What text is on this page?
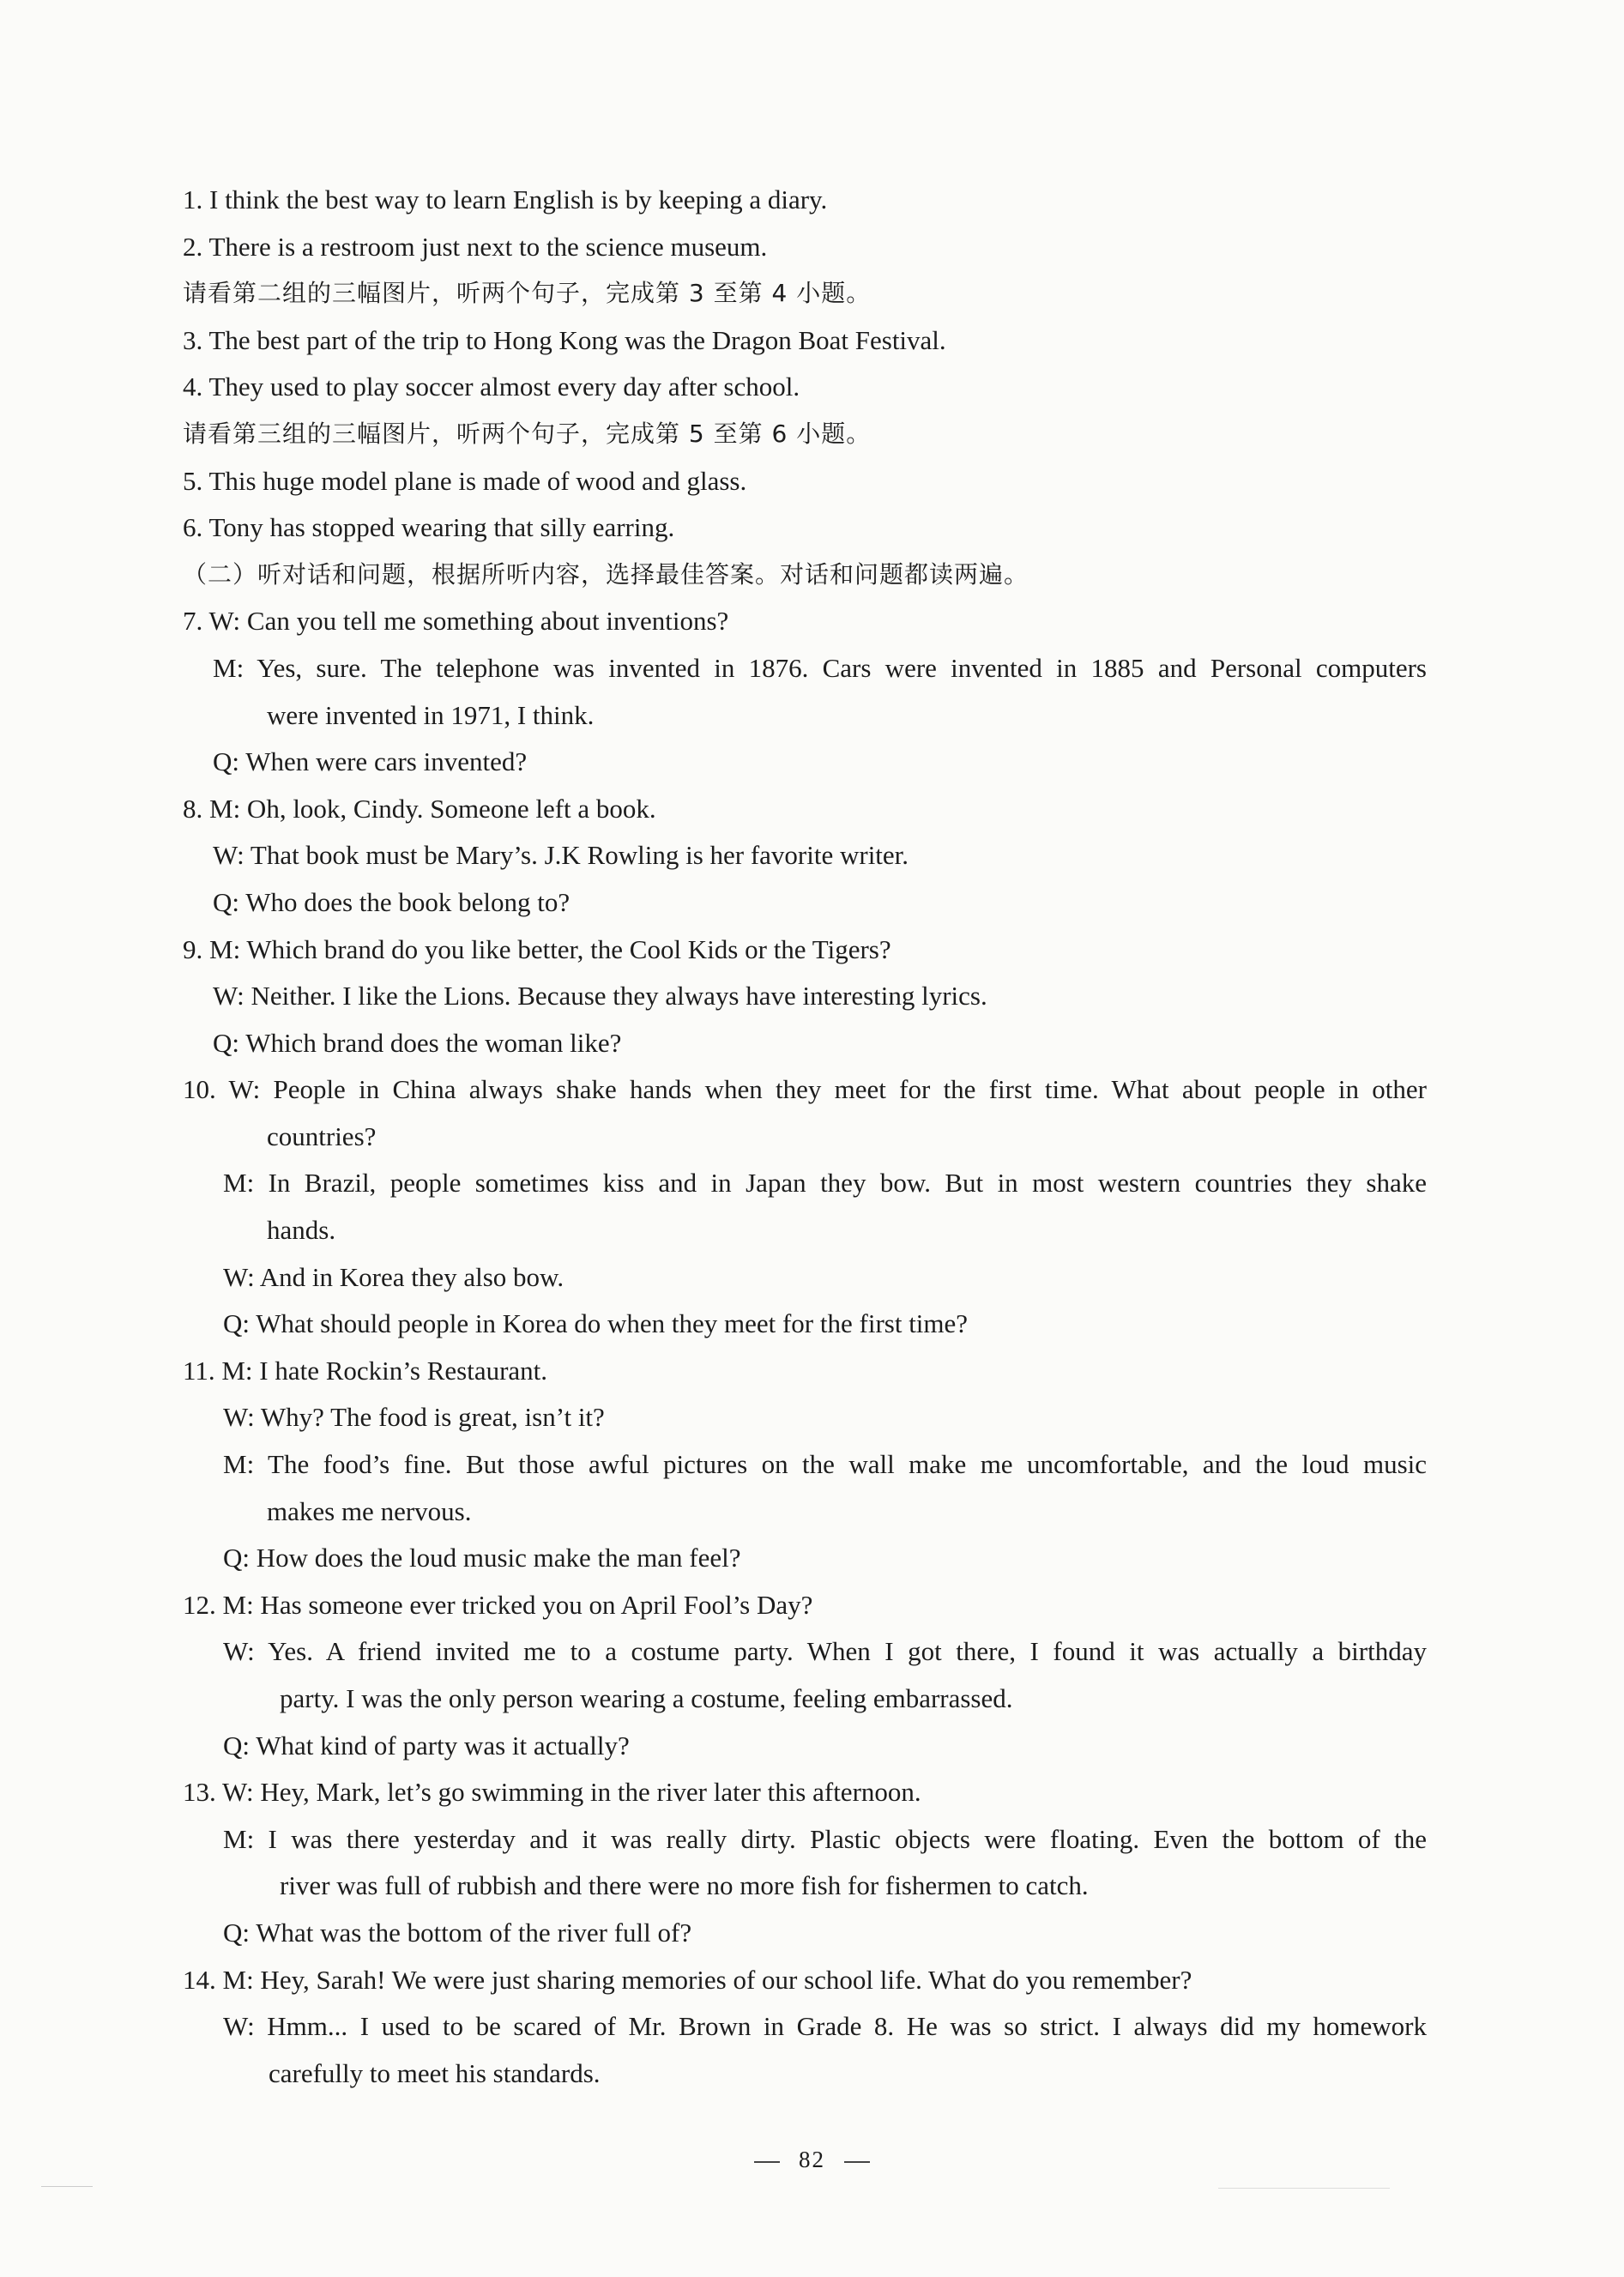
1. I think the best way to learn English is by keeping a diary.

2. There is a restroom just next to the science museum.

请看第二组的三幅图片，听两个句子，完成第 3 至第 4 小题。

3. The best part of the trip to Hong Kong was the Dragon Boat Festival.

4. They used to play soccer almost every day after school.

请看第三组的三幅图片，听两个句子，完成第 5 至第 6 小题。

5. This huge model plane is made of wood and glass.

6. Tony has stopped wearing that silly earring.

（二）听对话和问题，根据所听内容，选择最佳答案。对话和问题都读两遍。

7. W: Can you tell me something about inventions?

M: Yes, sure. The telephone was invented in 1876. Cars were invented in 1885 and Personal computers

were invented in 1971, I think.

Q: When were cars invented?

8. M: Oh, look, Cindy. Someone left a book.

W: That book must be Mary’s. J.K Rowling is her favorite writer.

Q: Who does the book belong to?

9. M: Which brand do you like better, the Cool Kids or the Tigers?

W: Neither. I like the Lions. Because they always have interesting lyrics.

Q: Which brand does the woman like?

10. W: People in China always shake hands when they meet for the first time. What about people in other

countries?

M: In Brazil, people sometimes kiss and in Japan they bow. But in most western countries they shake

hands.

W: And in Korea they also bow.

Q: What should people in Korea do when they meet for the first time?

11. M: I hate Rockin’s Restaurant.

W: Why? The food is great, isn’t it?

M: The food’s fine. But those awful pictures on the wall make me uncomfortable, and the loud music

makes me nervous.

Q: How does the loud music make the man feel?

12. M: Has someone ever tricked you on April Fool’s Day?

W: Yes. A friend invited me to a costume party. When I got there, I found it was actually a birthday

party. I was the only person wearing a costume, feeling embarrassed.

Q: What kind of party was it actually?

13. W: Hey, Mark, let’s go swimming in the river later this afternoon.

M: I was there yesterday and it was really dirty. Plastic objects were floating. Even the bottom of the

river was full of rubbish and there were no more fish for fishermen to catch.

Q: What was the bottom of the river full of?

14. M: Hey, Sarah! We were just sharing memories of our school life. What do you remember?

W: Hmm... I used to be scared of Mr. Brown in Grade 8. He was so strict. I always did my homework

carefully to meet his standards.

82
